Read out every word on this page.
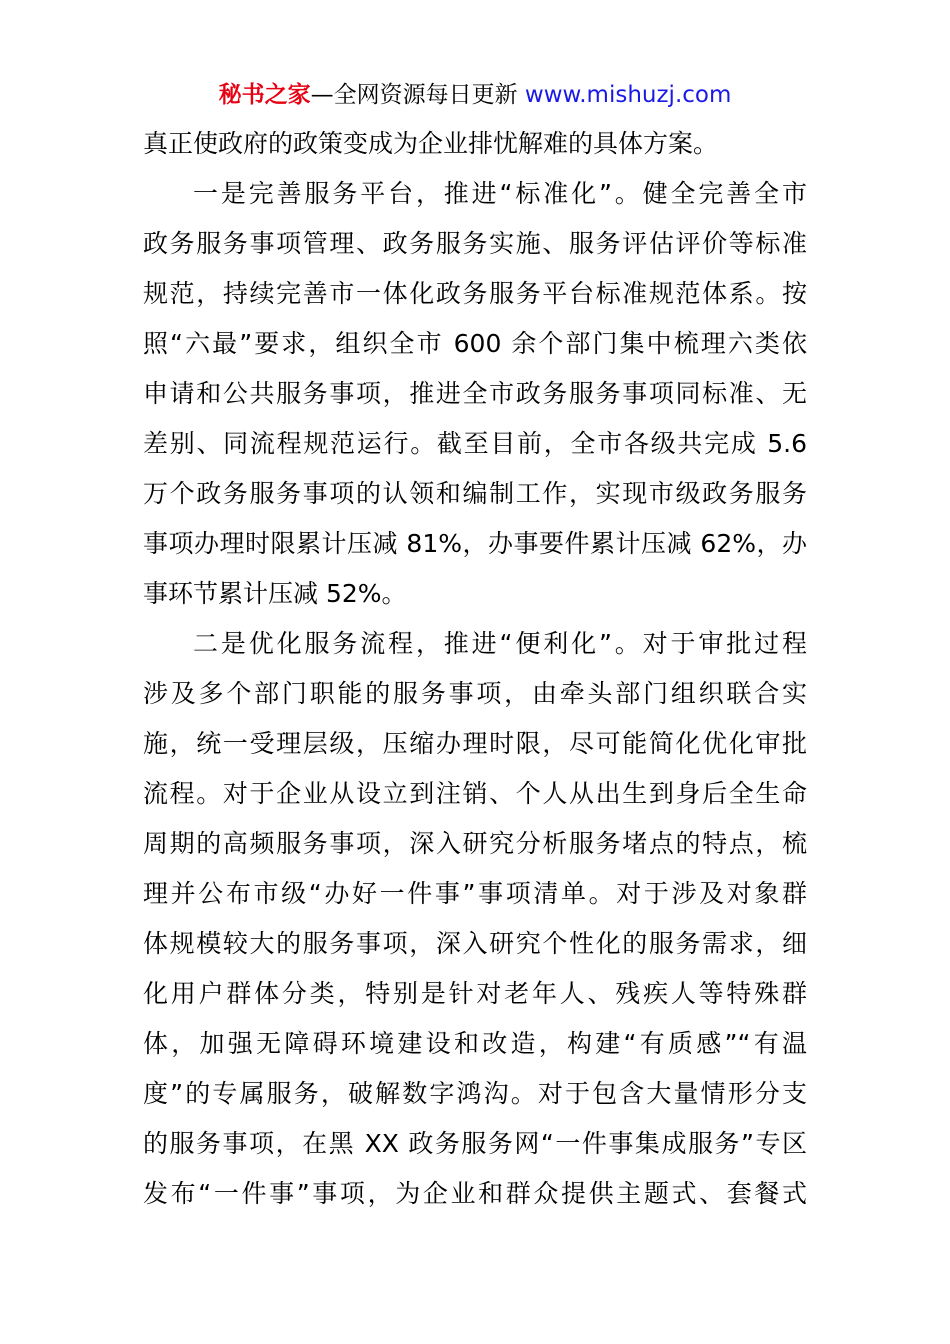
秘书之家—全网资源每日更新 www.mishuzj.com
真正使政府的政策变成为企业排忧解难的具体方案。
一是完善服务平台，推进“标准化”。健全完善全市
政务服务事项管理、政务服务实施、服务评估评价等标准
规范，持续完善市一体化政务服务平台标准规范体系。按
照“六最”要求，组织全市 600 余个部门集中梳理六类依
申请和公共服务事项，推进全市政务服务事项同标准、无
差别、同流程规范运行。截至目前，全市各级共完成 5.6
万个政务服务事项的认领和编制工作，实现市级政务服务
事项办理时限累计压减 81%，办事要件累计压减 62%，办
事环节累计压减 52%。
二是优化服务流程，推进“便利化”。对于审批过程
涉及多个部门职能的服务事项，由牵头部门组织联合实
施，统一受理层级，压缩办理时限，尽可能简化优化审批
流程。对于企业从设立到注销、个人从出生到身后全生命
周期的高频服务事项，深入研究分析服务堵点的特点，梳
理并公布市级“办好一件事”事项清单。对于涉及对象群
体规模较大的服务事项，深入研究个性化的服务需求，细
化用户群体分类，特别是针对老年人、残疾人等特殊群
体，加强无障碍环境建设和改造，构建“有质感”“有温
度”的专属服务，破解数字鸿沟。对于包含大量情形分支
的服务事项，在黑 XX 政务服务网“一件事集成服务”专区
发布“一件事”事项，为企业和群众提供主题式、套餐式
